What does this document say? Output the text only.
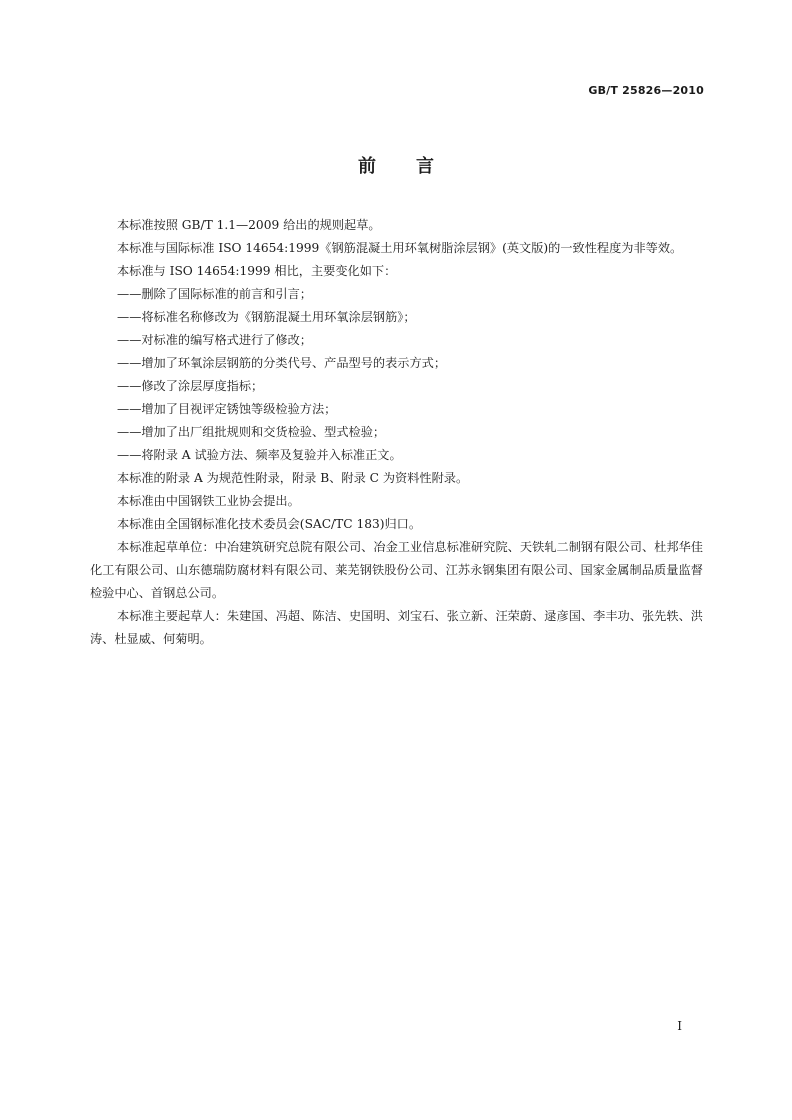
GB/T 25826—2010
前言

本标准按照 GB/T 1.1—2009 给出的规则起草。

本标准与国际标准 ISO 14654:1999《钢筋混凝土用环氧树脂涂层钢》(英文版)的一致性程度为非等效。

本标准与 ISO 14654:1999 相比，主要变化如下：

——删除了国际标准的前言和引言；

——将标准名称修改为《钢筋混凝土用环氧涂层钢筋》；

——对标准的编写格式进行了修改；

——增加了环氧涂层钢筋的分类代号、产品型号的表示方式；

——修改了涂层厚度指标；

——增加了目视评定锈蚀等级检验方法；

——增加了出厂组批规则和交货检验、型式检验；

——将附录 A 试验方法、频率及复验并入标准正文。

本标准的附录 A 为规范性附录，附录 B、附录 C 为资料性附录。

本标准由中国钢铁工业协会提出。

本标准由全国钢标准化技术委员会(SAC/TC 183)归口。

本标准起草单位：中冶建筑研究总院有限公司、冶金工业信息标准研究院、天铁轧二制钢有限公司、杜邦华佳化工有限公司、山东德瑞防腐材料有限公司、莱芜钢铁股份公司、江苏永钢集团有限公司、国家金属制品质量监督检验中心、首钢总公司。

本标准主要起草人：朱建国、冯超、陈洁、史国明、刘宝石、张立新、汪荣蔚、逯彦国、李丰功、张先轶、洪涛、杜显威、何菊明。

I
